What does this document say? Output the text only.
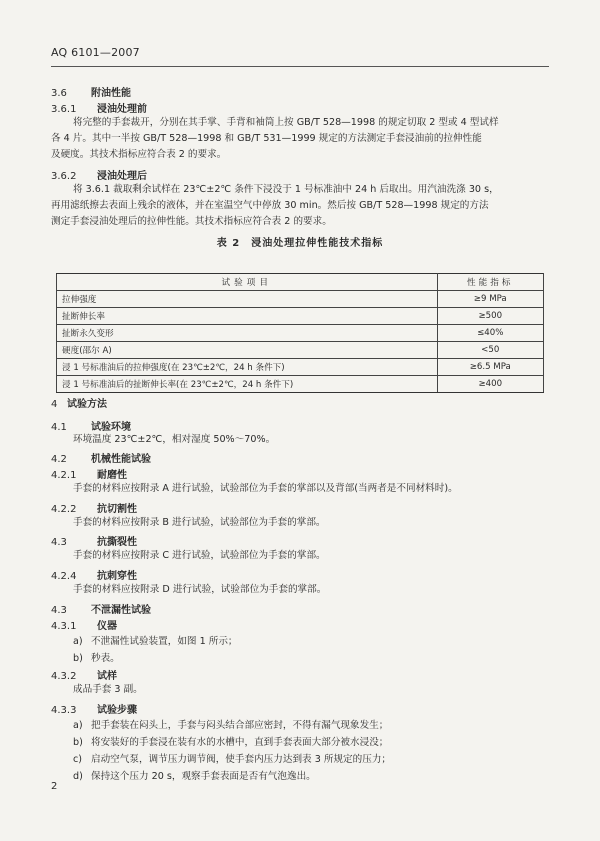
AQ 6101—2007
3.6 附油性能
3.6.1 浸油处理前
将完整的手套裁开，分别在其手掌、手背和袖筒上按 GB/T 528—1998 的规定切取 2 型或 4 型试样
各 4 片。其中一半按 GB/T 528—1998 和 GB/T 531—1999 规定的方法测定手套浸油前的拉伸性能
及硬度。其技术指标应符合表 2 的要求。
3.6.2 浸油处理后
将 3.6.1 裁取剩余试样在 23℃±2℃ 条件下浸没于 1 号标准油中 24 h 后取出。用汽油洗涤 30 s，
再用滤纸擦去表面上残余的液体，并在室温空气中停放 30 min。然后按 GB/T 528—1998 规定的方法
测定手套浸油处理后的拉伸性能。其技术指标应符合表 2 的要求。
表 2　浸油处理拉伸性能技术指标
试验项目	性能指标
拉伸强度	≥9 MPa
扯断伸长率	≥500
扯断永久变形	≤40%
硬度(邵尔 A)	<50
浸 1 号标准油后的拉伸强度(在 23℃±2℃，24 h 条件下)	≥6.5 MPa
浸 1 号标准油后的扯断伸长率(在 23℃±2℃，24 h 条件下)	≥400
4 试验方法
4.1 试验环境
环境温度 23℃±2℃，相对湿度 50%～70%。
4.2 机械性能试验
4.2.1 耐磨性
手套的材料应按附录 A 进行试验，试验部位为手套的掌部以及背部(当两者是不同材料时)。
4.2.2 抗切割性
手套的材料应按附录 B 进行试验，试验部位为手套的掌部。
4.3	抗撕裂性
手套的材料应按附录 C 进行试验，试验部位为手套的掌部。
4.2.4 抗刺穿性
手套的材料应按附录 D 进行试验，试验部位为手套的掌部。
4.3 不泄漏性试验
4.3.1 仪器
a) 不泄漏性试验装置，如图 1 所示；
b) 秒表。
4.3.2 试样
成品手套 3 副。
4.3.3 试验步骤
a) 把手套装在闷头上，手套与闷头结合部应密封，不得有漏气现象发生；
b) 将安装好的手套浸在装有水的水槽中，直到手套表面大部分被水浸没；
c) 启动空气泵，调节压力调节阀，使手套内压力达到表 3 所规定的压力；
d) 保持这个压力 20 s，观察手套表面是否有气泡逸出。
2
